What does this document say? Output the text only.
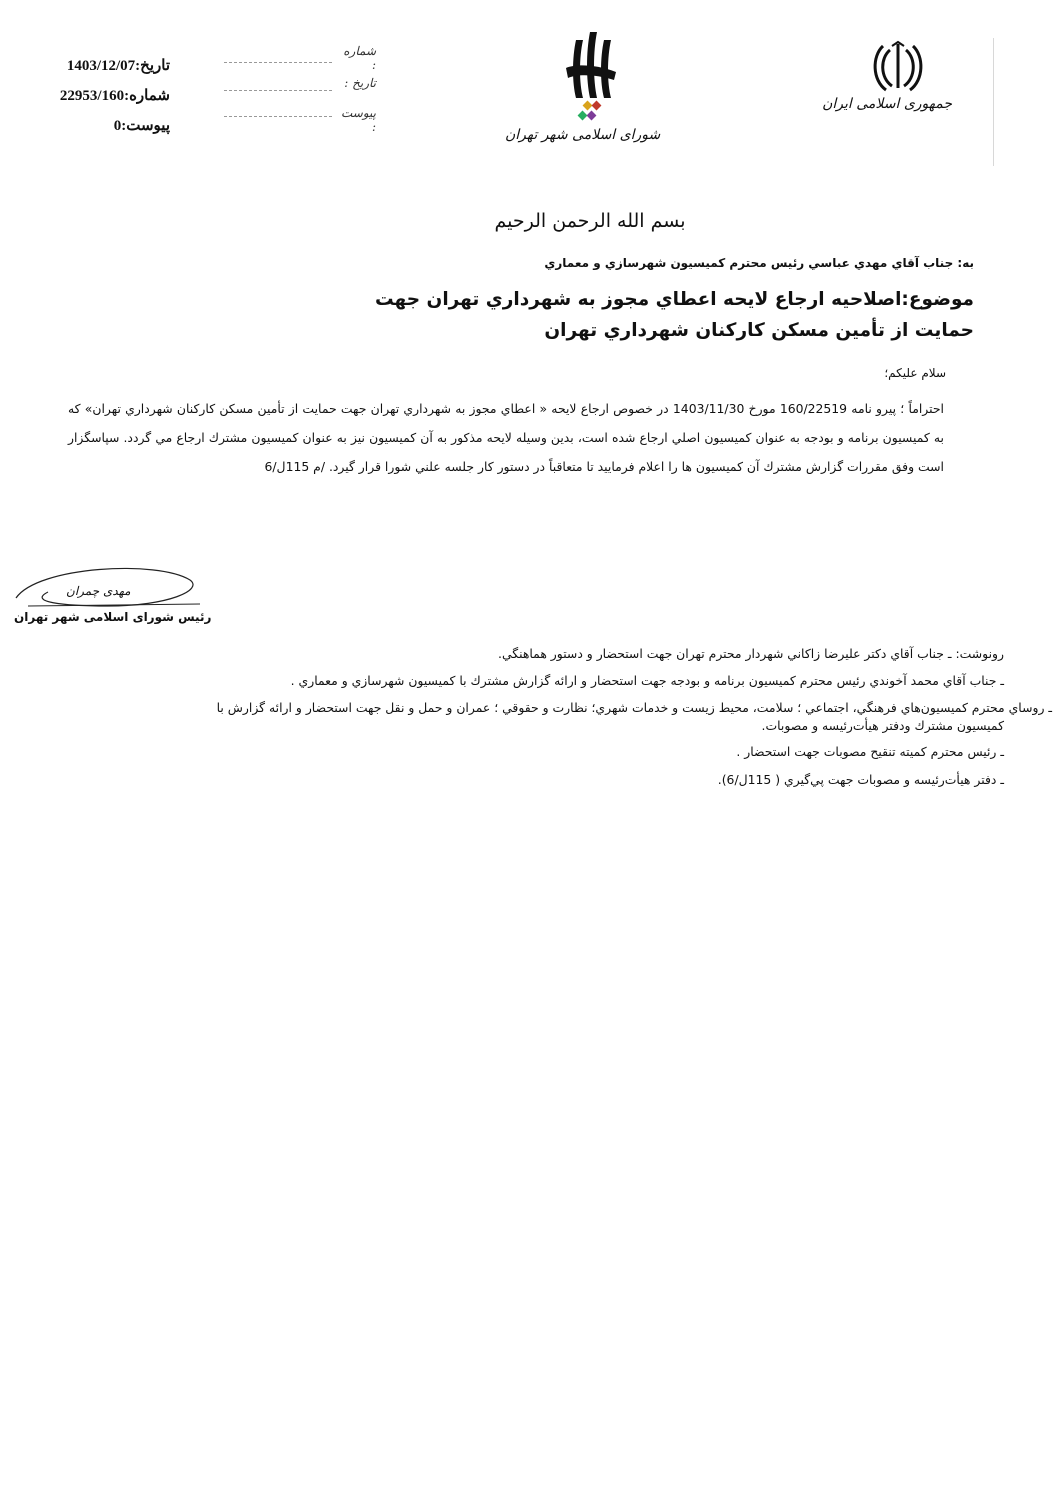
تاريخ:1403/12/07
شماره:22953/160
پيوست:0
شماره :
تاریخ :
پیوست :	شورای اسلامی شهر تهران
جمهوری اسلامی ایران
بسم الله الرحمن الرحيم
به: جناب آقاي مهدي عباسي رئيس محترم كميسيون شهرسازي و معماري
موضوع:اصلاحيه ارجاع لايحه اعطاي مجوز به شهرداري تهران جهت حمايت از تأمين مسكن كاركنان شهرداري تهران
سلام عليكم؛
احتراماً ؛ پيرو نامه 160/22519 مورخ 1403/11/30 در خصوص ارجاع لايحه « اعطاي مجوز به شهرداري تهران جهت حمايت از تأمين مسكن كاركنان شهرداري تهران» كه به كميسيون برنامه و بودجه به عنوان كميسيون اصلي ارجاع شده است، بدين وسيله لايحه مذكور به آن كميسيون نيز به عنوان كميسيون مشترك ارجاع مي گردد. سپاسگزار است وفق مقررات گزارش مشترك آن كميسيون ها را اعلام فرماييد تا متعاقباً در دستور كار جلسه علني شورا قرار گيرد. /م 115ل/6
مهدی چمران
رئیس شورای اسلامی شهر تهران
رونوشت: ـ جناب آقاي دكتر عليرضا زاكاني شهردار محترم تهران جهت استحضار و دستور هماهنگي.
ـ جناب آقاي محمد آخوندي رئيس محترم كميسيون برنامه و بودجه جهت استحضار و ارائه گزارش مشترك با كميسيون شهرسازي و معماري .
ـ روساي محترم كميسيون‌هاي فرهنگي، اجتماعي ؛ سلامت، محيط زيست و خدمات شهري؛ نظارت و حقوقي ؛ عمران و حمل و نقل جهت استحضار و ارائه گزارش با
كميسيون مشترك ودفتر هيأت‌رئيسه و مصوبات.
ـ رئيس محترم كميته تنقيح مصوبات جهت استحضار .
ـ دفتر هيأت‌رئيسه و مصوبات جهت پي‌گيري ( 115ل/6).
